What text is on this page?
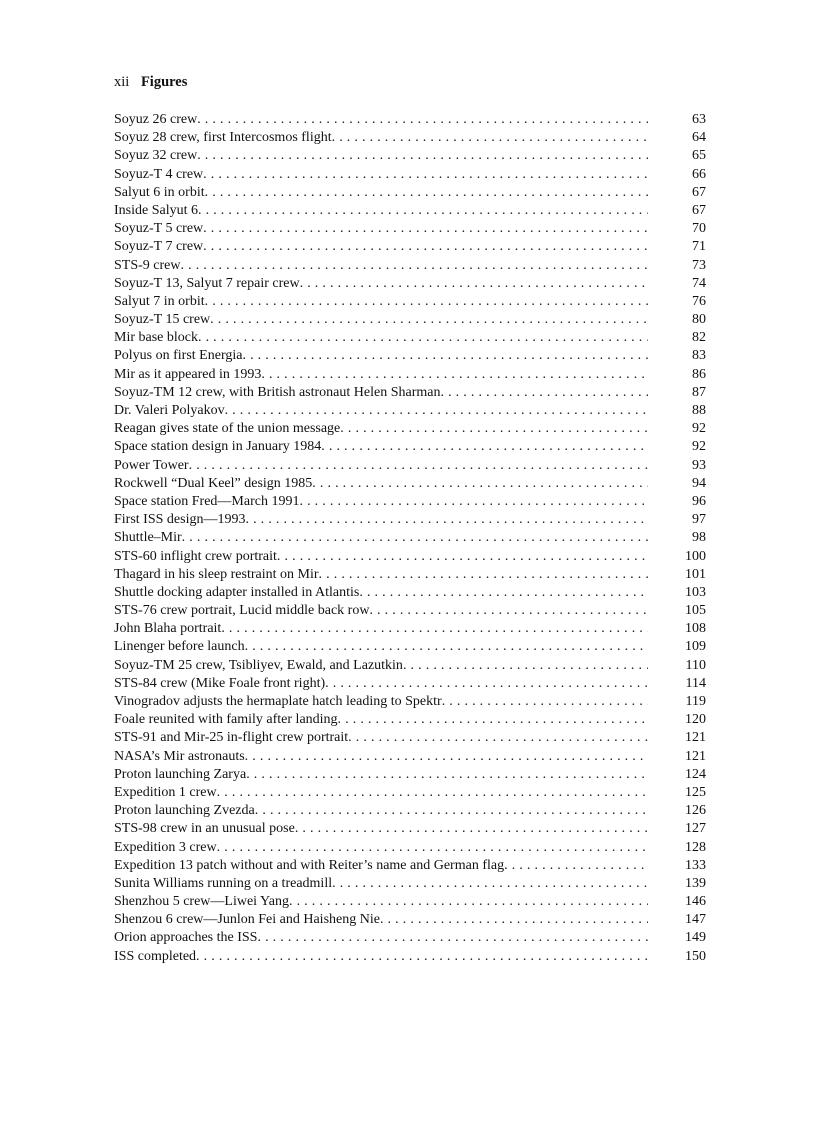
xii Figures
Soyuz 26 crew . . .	63
Soyuz 28 crew, first Intercosmos flight . . .	64
Soyuz 32 crew . . .	65
Soyuz-T 4 crew . . .	66
Salyut 6 in orbit . . .	67
Inside Salyut 6 . . .	67
Soyuz-T 5 crew . . .	70
Soyuz-T 7 crew . . .	71
STS-9 crew . . .	73
Soyuz-T 13, Salyut 7 repair crew . . .	74
Salyut 7 in orbit . . .	76
Soyuz-T 15 crew . . .	80
Mir base block . . .	82
Polyus on first Energia . . .	83
Mir as it appeared in 1993 . . .	86
Soyuz-TM 12 crew, with British astronaut Helen Sharman . . .	87
Dr. Valeri Polyakov . . .	88
Reagan gives state of the union message . . .	92
Space station design in January 1984 . . .	92
Power Tower . . .	93
Rockwell “Dual Keel” design 1985 . . .	94
Space station Fred—March 1991 . . .	96
First ISS design—1993 . . .	97
Shuttle–Mir . . .	98
STS-60 inflight crew portrait . . .	100
Thagard in his sleep restraint on Mir . . .	101
Shuttle docking adapter installed in Atlantis . . .	103
STS-76 crew portrait, Lucid middle back row . . .	105
John Blaha portrait . . .	108
Linenger before launch . . .	109
Soyuz-TM 25 crew, Tsibliyev, Ewald, and Lazutkin . . .	110
STS-84 crew (Mike Foale front right) . . .	114
Vinogradov adjusts the hermaplate hatch leading to Spektr . . .	119
Foale reunited with family after landing . . .	120
STS-91 and Mir-25 in-flight crew portrait . . .	121
NASA’s Mir astronauts . . .	121
Proton launching Zarya . . .	124
Expedition 1 crew . . .	125
Proton launching Zvezda . . .	126
STS-98 crew in an unusual pose . . .	127
Expedition 3 crew . . .	128
Expedition 13 patch without and with Reiter’s name and German flag . . .	133
Sunita Williams running on a treadmill . . .	139
Shenzhou 5 crew—Liwei Yang . . .	146
Shenzou 6 crew—Junlon Fei and Haisheng Nie . . .	147
Orion approaches the ISS . . .	149
ISS completed . . .	150
